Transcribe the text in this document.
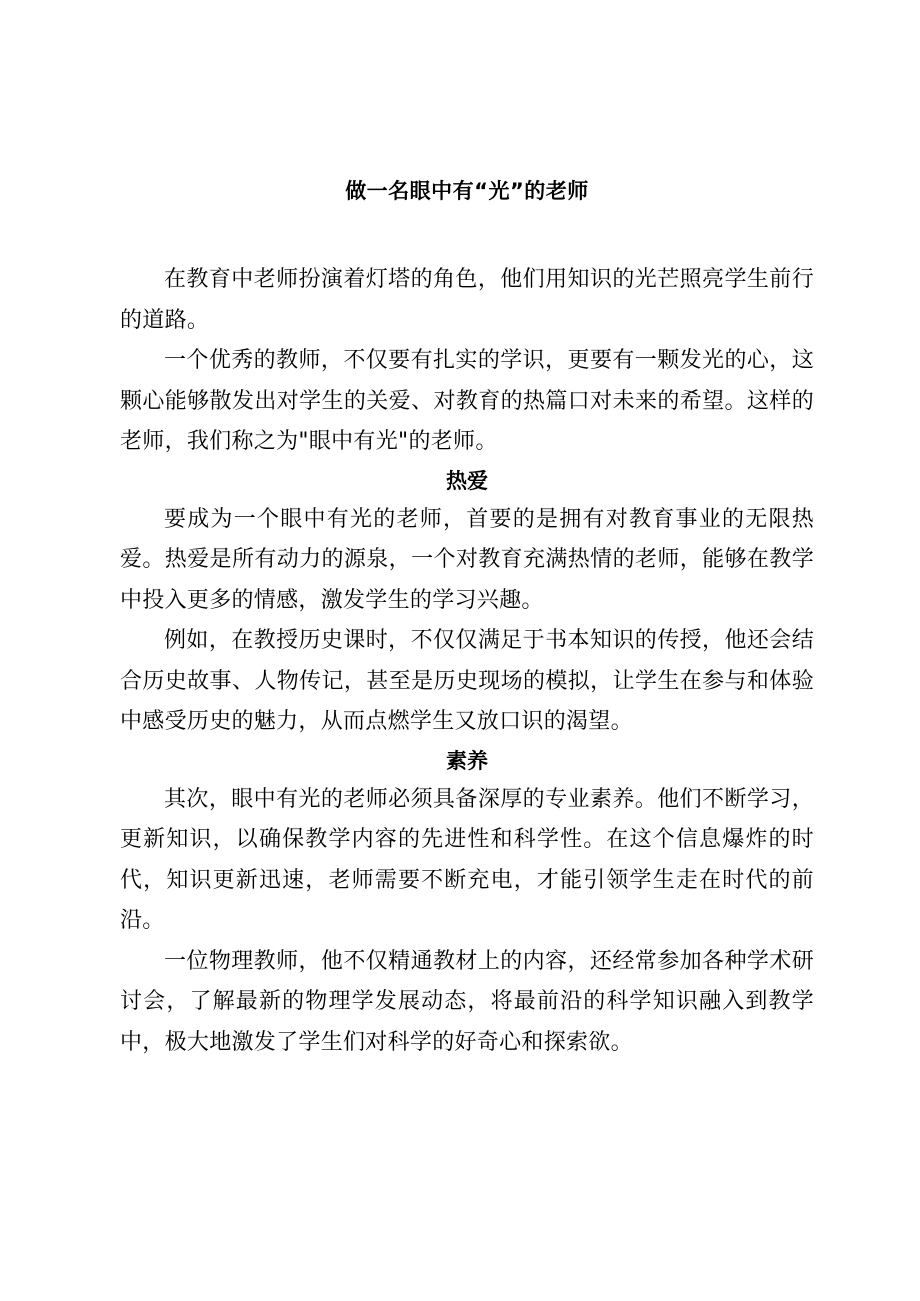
做一名眼中有“光”的老师

在教育中老师扮演着灯塔的角色，他们用知识的光芒照亮学生前行的道路。

一个优秀的教师，不仅要有扎实的学识，更要有一颗发光的心，这颗心能够散发出对学生的关爱、对教育的热篇口对未来的希望。这样的老师，我们称之为"眼中有光"的老师。

热爱

要成为一个眼中有光的老师，首要的是拥有对教育事业的无限热爱。热爱是所有动力的源泉，一个对教育充满热情的老师，能够在教学中投入更多的情感，激发学生的学习兴趣。

例如，在教授历史课时，不仅仅满足于书本知识的传授，他还会结合历史故事、人物传记，甚至是历史现场的模拟，让学生在参与和体验中感受历史的魅力，从而点燃学生又放口识的渴望。

素养

其次，眼中有光的老师必须具备深厚的专业素养。他们不断学习，更新知识，以确保教学内容的先进性和科学性。在这个信息爆炸的时代，知识更新迅速，老师需要不断充电，才能引领学生走在时代的前沿。

一位物理教师，他不仅精通教材上的内容，还经常参加各种学术研讨会，了解最新的物理学发展动态，将最前沿的科学知识融入到教学中，极大地激发了学生们对科学的好奇心和探索欲。
